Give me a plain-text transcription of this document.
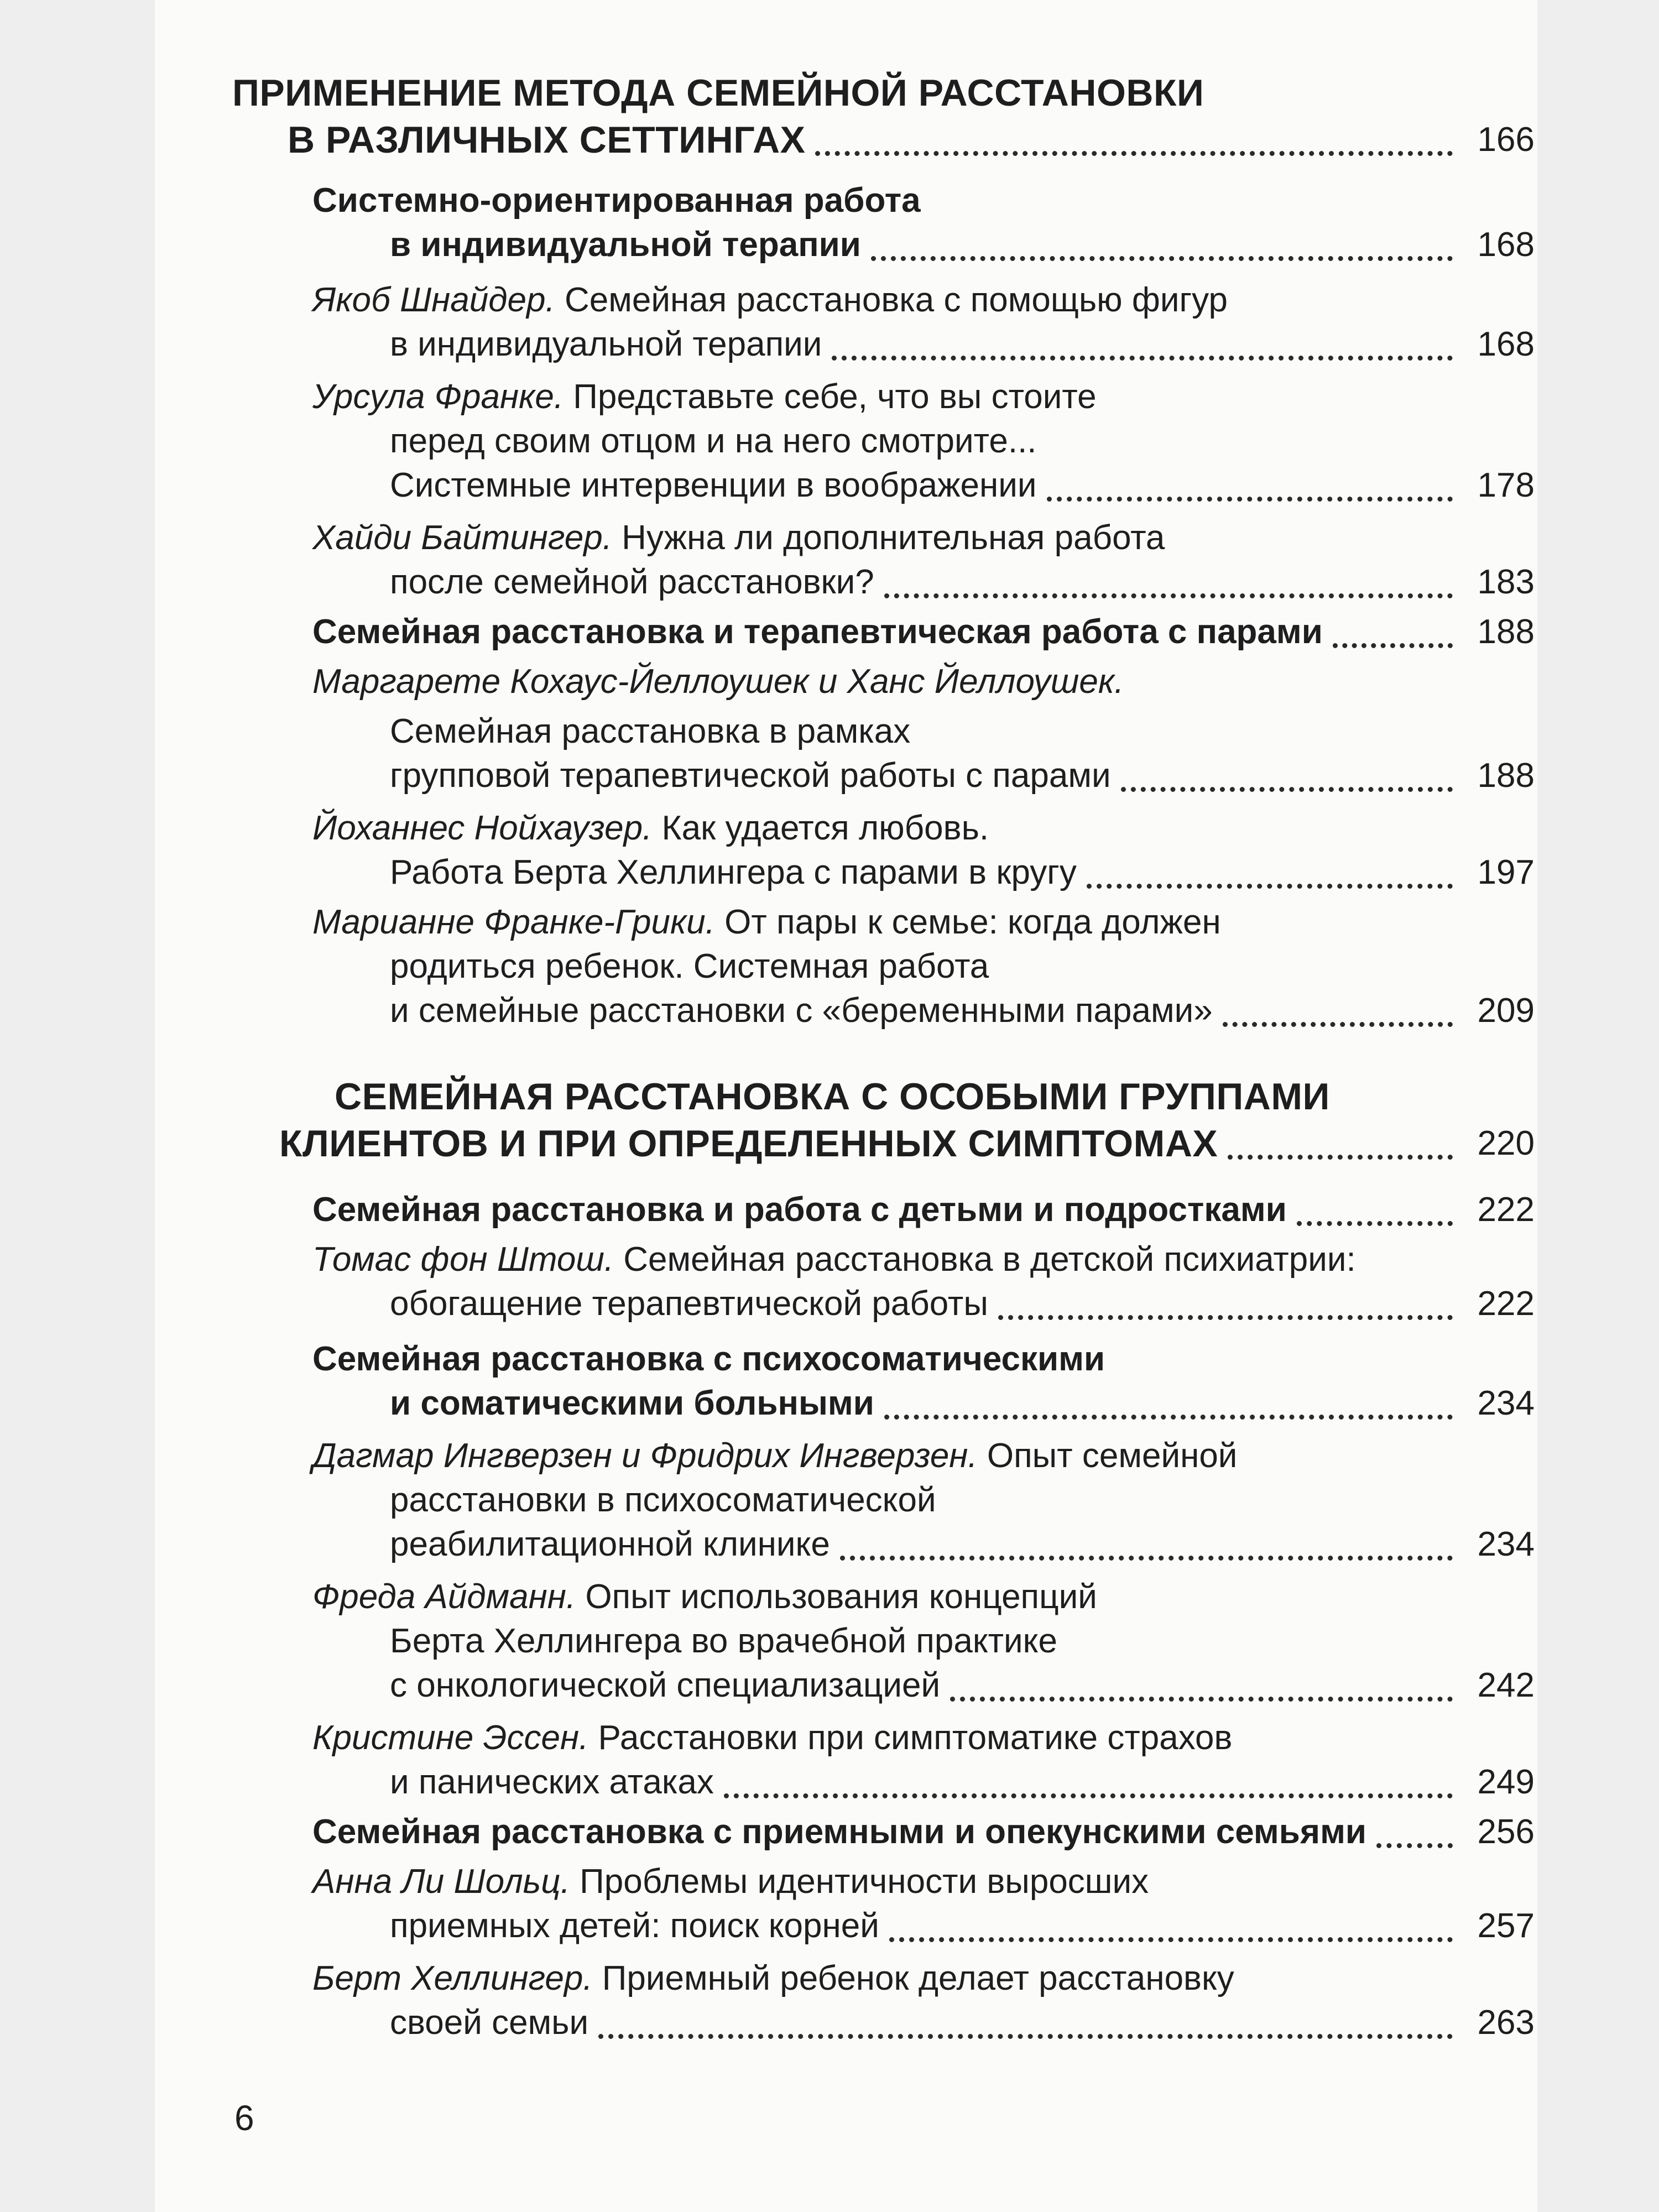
ПРИМЕНЕНИЕ МЕТОДА СЕМЕЙНОЙ РАССТАНОВКИ
В РАЗЛИЧНЫХ СЕТТИНГАХ	166
Системно-ориентированная работа
в индивидуальной терапии	168
Якоб Шнайдер. Семейная расстановка с помощью фигур
в индивидуальной терапии	168
Урсула Франке. Представьте себе, что вы стоите
перед своим отцом и на него смотрите...
Системные интервенции в воображении	178
Хайди Байтингер. Нужна ли дополнительная работа
после семейной расстановки?	183
Семейная расстановка и терапевтическая работа с парами	188
Маргарете Кохаус-Йеллоушек и Ханс Йеллоушек.
Семейная расстановка в рамках
групповой терапевтической работы с парами	188
Йоханнес Нойхаузер. Как удается любовь.
Работа Берта Хеллингера с парами в кругу	197
Марианне Франке-Грики. От пары к семье: когда должен
родиться ребенок. Системная работа
и семейные расстановки с «беременными парами»	209
СЕМЕЙНАЯ РАССТАНОВКА С ОСОБЫМИ ГРУППАМИ
КЛИЕНТОВ И ПРИ ОПРЕДЕЛЕННЫХ СИМПТОМАХ	220
Семейная расстановка и работа с детьми и подростками	222
Томас фон Штош. Семейная расстановка в детской психиатрии:
обогащение терапевтической работы	222
Семейная расстановка с психосоматическими
и соматическими больными	234
Дагмар Ингверзен и Фридрих Ингверзен. Опыт семейной
расстановки в психосоматической
реабилитационной клинике	234
Фреда Айдманн. Опыт использования концепций
Берта Хеллингера во врачебной практике
с онкологической специализацией	242
Кристине Эссен. Расстановки при симптоматике страхов
и панических атаках	249
Семейная расстановка с приемными и опекунскими семьями	256
Анна Ли Шольц. Проблемы идентичности выросших
приемных детей: поиск корней	257
Берт Хеллингер. Приемный ребенок делает расстановку
своей семьи	263
6
